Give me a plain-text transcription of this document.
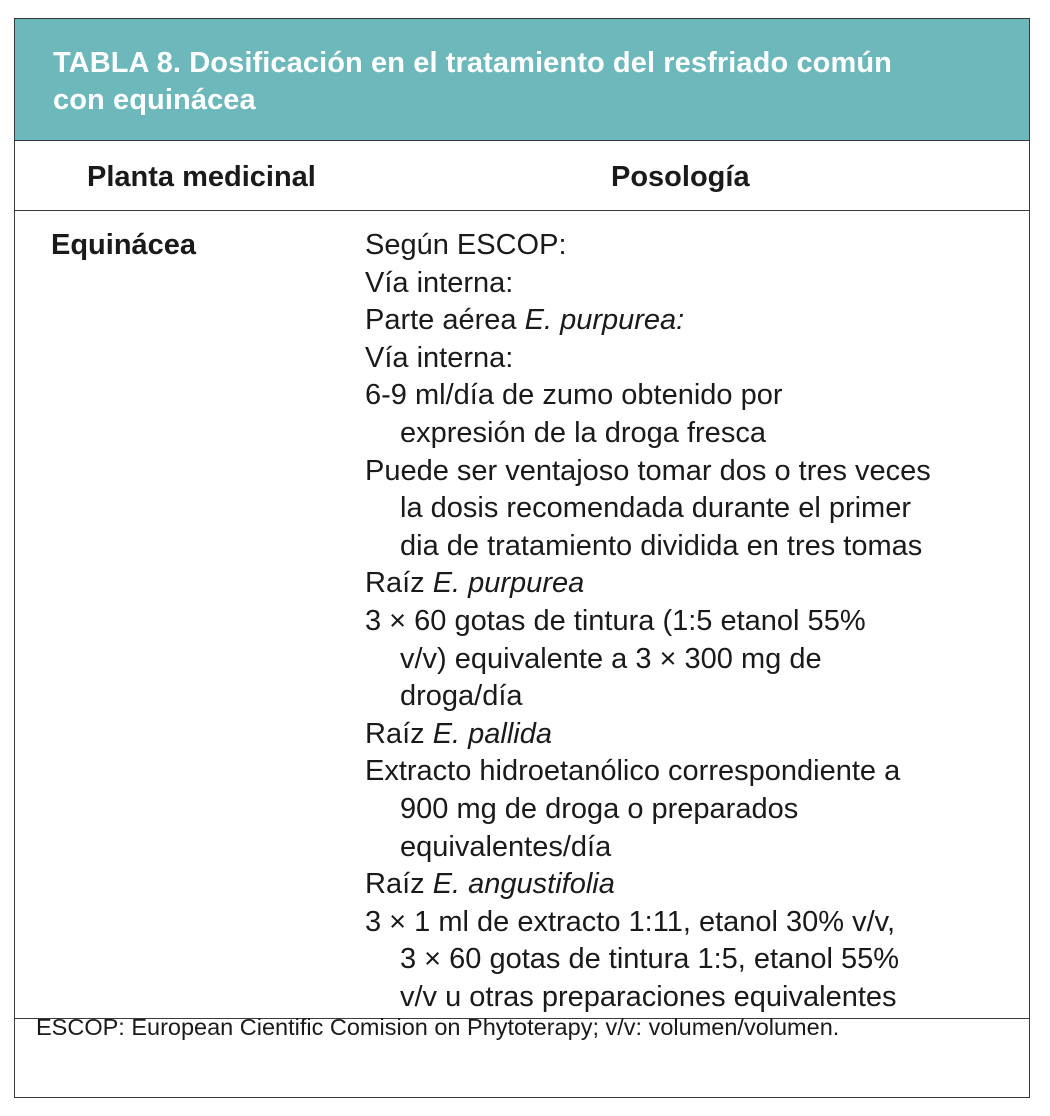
TABLA 8. Dosificación en el tratamiento del resfriado común
con equinácea
Planta medicinal	Posología
Equinácea	Según ESCOP:
Vía interna:
Parte aérea E. purpurea:
Vía interna:
6-9 ml/día de zumo obtenido por
expresión de la droga fresca
Puede ser ventajoso tomar dos o tres veces
la dosis recomendada durante el primer
dia de tratamiento dividida en tres tomas
Raíz E. purpurea
3 × 60 gotas de tintura (1:5 etanol 55%
v/v) equivalente a 3 × 300 mg de
droga/día
Raíz E. pallida
Extracto hidroetanólico correspondiente a
900 mg de droga o preparados
equivalentes/día
Raíz E. angustifolia
3 × 1 ml de extracto 1:11, etanol 30% v/v,
3 × 60 gotas de tintura 1:5, etanol 55%
v/v u otras preparaciones equivalentes
ESCOP: European Cientific Comision on Phytoterapy; v/v: volumen/volumen.
